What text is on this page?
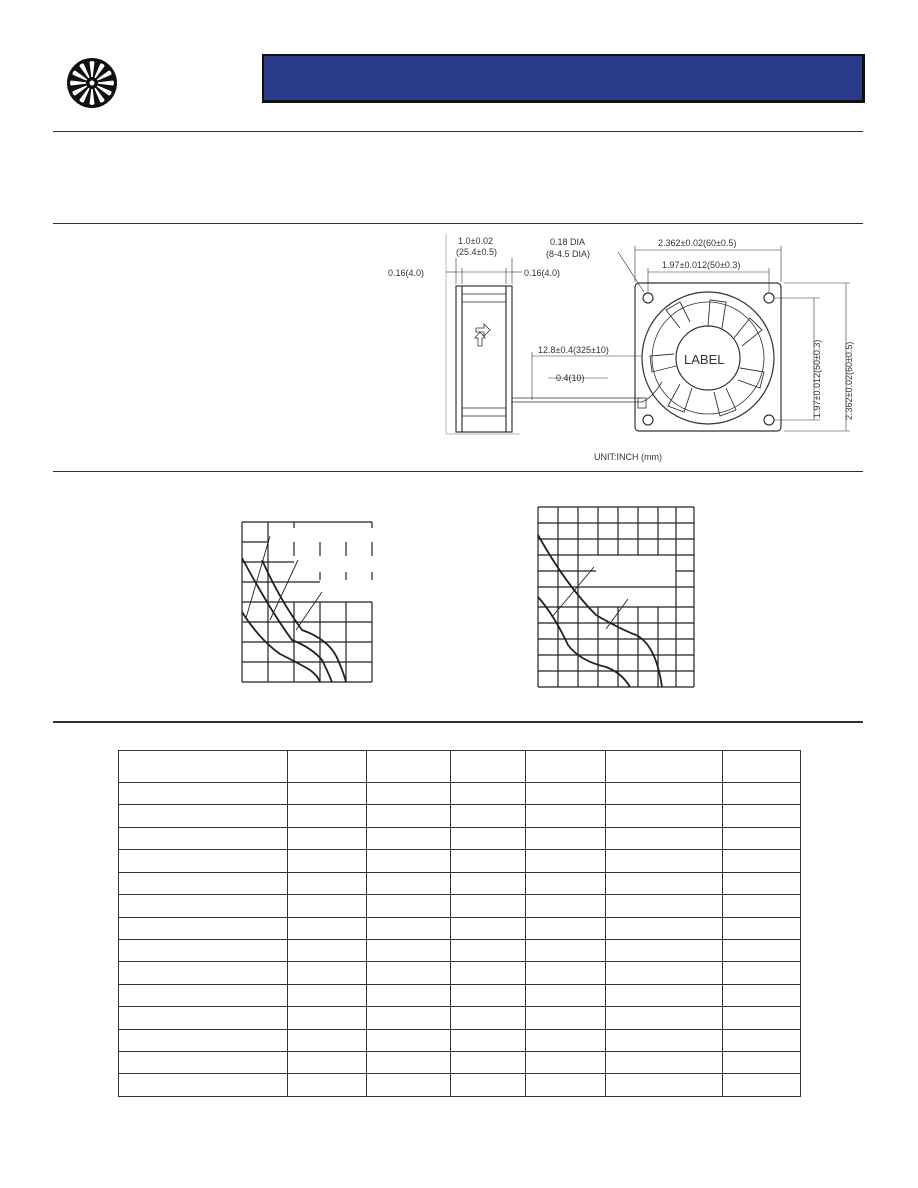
1.0±0.02
(25.4±0.5)
0.16(4.0)	0.16(4.0)
0.18 DIA
(8-4.5 DIA)
2.362±0.02(60±0.5)
1.97±0.012(50±0.3)
12.8±0.4(325±10)
0.4(10)
LABEL	1.97±0.012(50±0.3) 2.362±0.02(60±0.5)
UNIT:INCH (mm)
